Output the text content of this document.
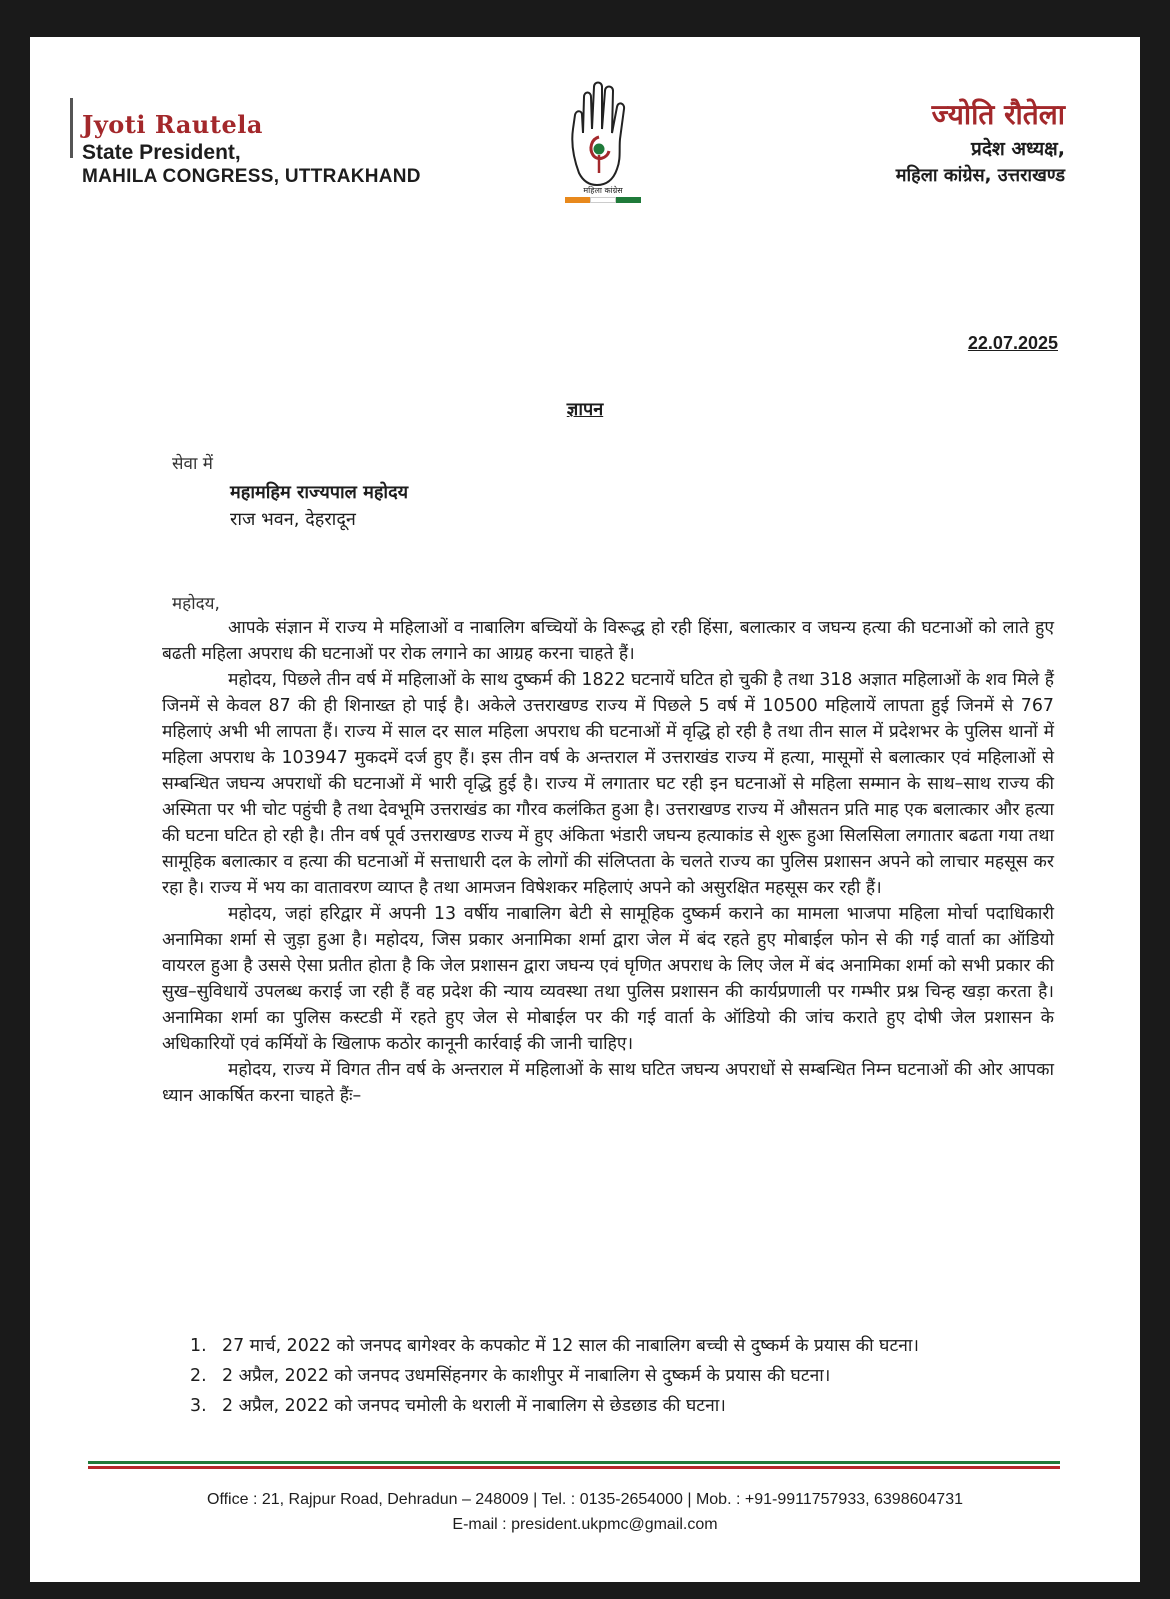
Jyoti Rautela
State President,
MAHILA CONGRESS, UTTRAKHAND
महिला कांग्रेस
ज्योति रौतेला
प्रदेश अध्यक्ष,
महिला कांग्रेस, उत्तराखण्ड
22.07.2025
ज्ञापन
सेवा में
महामहिम राज्यपाल महोदय
राज भवन, देहरादून
महोदय,

आपके संज्ञान में राज्य मे महिलाओं व नाबालिग बच्चियों के विरूद्ध हो रही हिंसा, बलात्कार व जघन्य हत्या की घटनाओं को लाते हुए बढती महिला अपराध की घटनाओं पर रोक लगाने का आग्रह करना चाहते हैं।

महोदय, पिछले तीन वर्ष में महिलाओं के साथ दुष्कर्म की 1822 घटनायें घटित हो चुकी है तथा 318 अज्ञात महिलाओं के शव मिले हैं जिनमें से केवल 87 की ही शिनाख्त हो पाई है। अकेले उत्तराखण्ड राज्य में पिछले 5 वर्ष में 10500 महिलायें लापता हुई जिनमें से 767 महिलाएं अभी भी लापता हैं। राज्य में साल दर साल महिला अपराध की घटनाओं में वृद्धि हो रही है तथा तीन साल में प्रदेशभर के पुलिस थानों में महिला अपराध के 103947 मुकदमें दर्ज हुए हैं। इस तीन वर्ष के अन्तराल में उत्तराखंड राज्य में हत्या, मासूमों से बलात्कार एवं महिलाओं से सम्बन्धित जघन्य अपराधों की घटनाओं में भारी वृद्धि हुई है। राज्य में लगातार घट रही इन घटनाओं से महिला सम्मान के साथ–साथ राज्य की अस्मिता पर भी चोट पहुंची है तथा देवभूमि उत्तराखंड का गौरव कलंकित हुआ है। उत्तराखण्ड राज्य में औसतन प्रति माह एक बलात्कार और हत्या की घटना घटित हो रही है। तीन वर्ष पूर्व उत्तराखण्ड राज्य में हुए अंकिता भंडारी जघन्य हत्याकांड से शुरू हुआ सिलसिला लगातार बढता गया तथा सामूहिक बलात्कार व हत्या की घटनाओं में सत्ताधारी दल के लोगों की संलिप्तता के चलते राज्य का पुलिस प्रशासन अपने को लाचार महसूस कर रहा है। राज्य में भय का वातावरण व्याप्त है तथा आमजन विषेशकर महिलाएं अपने को असुरक्षित महसूस कर रही हैं।

महोदय, जहां हरिद्वार में अपनी 13 वर्षीय नाबालिग बेटी से सामूहिक दुष्कर्म कराने का मामला भाजपा महिला मोर्चा पदाधिकारी अनामिका शर्मा से जुड़ा हुआ है। महोदय, जिस प्रकार अनामिका शर्मा द्वारा जेल में बंद रहते हुए मोबाईल फोन से की गई वार्ता का ऑडियो वायरल हुआ है उससे ऐसा प्रतीत होता है कि जेल प्रशासन द्वारा जघन्य एवं घृणित अपराध के लिए जेल में बंद अनामिका शर्मा को सभी प्रकार की सुख–सुविधायें उपलब्ध कराई जा रही हैं वह प्रदेश की न्याय व्यवस्था तथा पुलिस प्रशासन की कार्यप्रणाली पर गम्भीर प्रश्न चिन्ह खड़ा करता है। अनामिका शर्मा का पुलिस कस्टडी में रहते हुए जेल से मोबाईल पर की गई वार्ता के ऑडियो की जांच कराते हुए दोषी जेल प्रशासन के अधिकारियों एवं कर्मियों के खिलाफ कठोर कानूनी कार्रवाई की जानी चाहिए।

महोदय, राज्य में विगत तीन वर्ष के अन्तराल में महिलाओं के साथ घटित जघन्य अपराधों से सम्बन्धित निम्न घटनाओं की ओर आपका ध्यान आकर्षित करना चाहते हैंः–

1. 27 मार्च, 2022 को जनपद बागेश्वर के कपकोट में 12 साल की नाबालिग बच्ची से दुष्कर्म के प्रयास की घटना।
2. 2 अप्रैल, 2022 को जनपद उधमसिंहनगर के काशीपुर में नाबालिग से दुष्कर्म के प्रयास की घटना।
3. 2 अप्रैल, 2022 को जनपद चमोली के थराली में नाबालिग से छेडछाड की घटना।
Office : 21, Rajpur Road, Dehradun – 248009 | Tel. : 0135-2654000 | Mob. : +91-9911757933, 6398604731
E-mail : president.ukpmc@gmail.com
